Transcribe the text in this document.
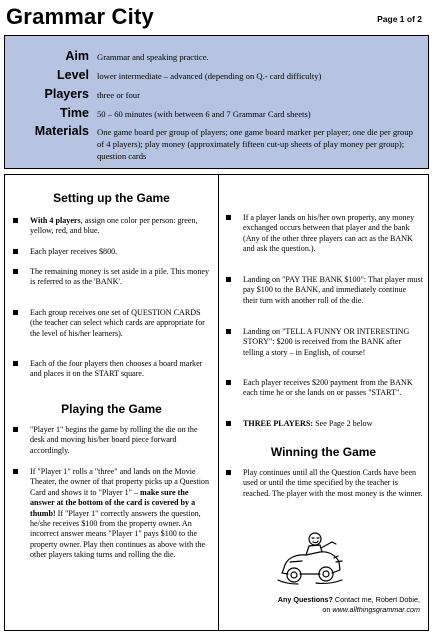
Grammar City	Page 1 of 2
Aim Grammar and speaking practice.
Level lower intermediate – advanced (depending on Q.- card difficulty)
Players three or four
Time 50 – 60 minutes (with between 6 and 7 Grammar Card sheets)
Materials One game board per group of players; one game board marker per player; one die per group of 4 players); play money (approximately fifteen cut-up sheets of play money per group); question cards
Setting up the Game
With 4 players, assign one color per person: green, yellow, red, and blue.
Each player receives $800.
The remaining money is set aside in a pile. This money is referred to as the 'BANK'.
Each group receives one set of QUESTION CARDS (the teacher can select which cards are appropriate for the level of his/her learners).
Each of the four players then chooses a board marker and places it on the START square.
Playing the Game
"Player 1" begins the game by rolling the die on the desk and moving his/her board piece forward accordingly.
If "Player 1" rolls a "three" and lands on the Movie Theater, the owner of that property picks up a Question Card and shows it to "Player 1" – make sure the answer at the bottom of the card is covered by a thumb! If "Player 1" correctly answers the question, he/she receives $100 from the property owner. An incorrect answer means "Player 1" pays $100 to the property owner. Play then continues as above with the other players taking turns and rolling the die.
If a player lands on his/her own property, any money exchanged occurs between that player and the bank (Any of the other three players can act as the BANK and ask the question.).
Landing on "PAY THE BANK $100": That player must pay $100 to the BANK, and immediately continue their turn with another roll of the die.
Landing on "TELL A FUNNY OR INTERESTING STORY": $200 is received from the BANK after telling a story – in English, of course!
Each player receives $200 payment from the BANK each time he or she lands on or passes "START".
THREE PLAYERS: See Page 2 below
Winning the Game
Play continues until all the Question Cards have been used or until the time specified by the teacher is reached. The player with the most money is the winner.
Any Questions? Contact me, Robert Dobie,
on www.allthingsgrammar.com
